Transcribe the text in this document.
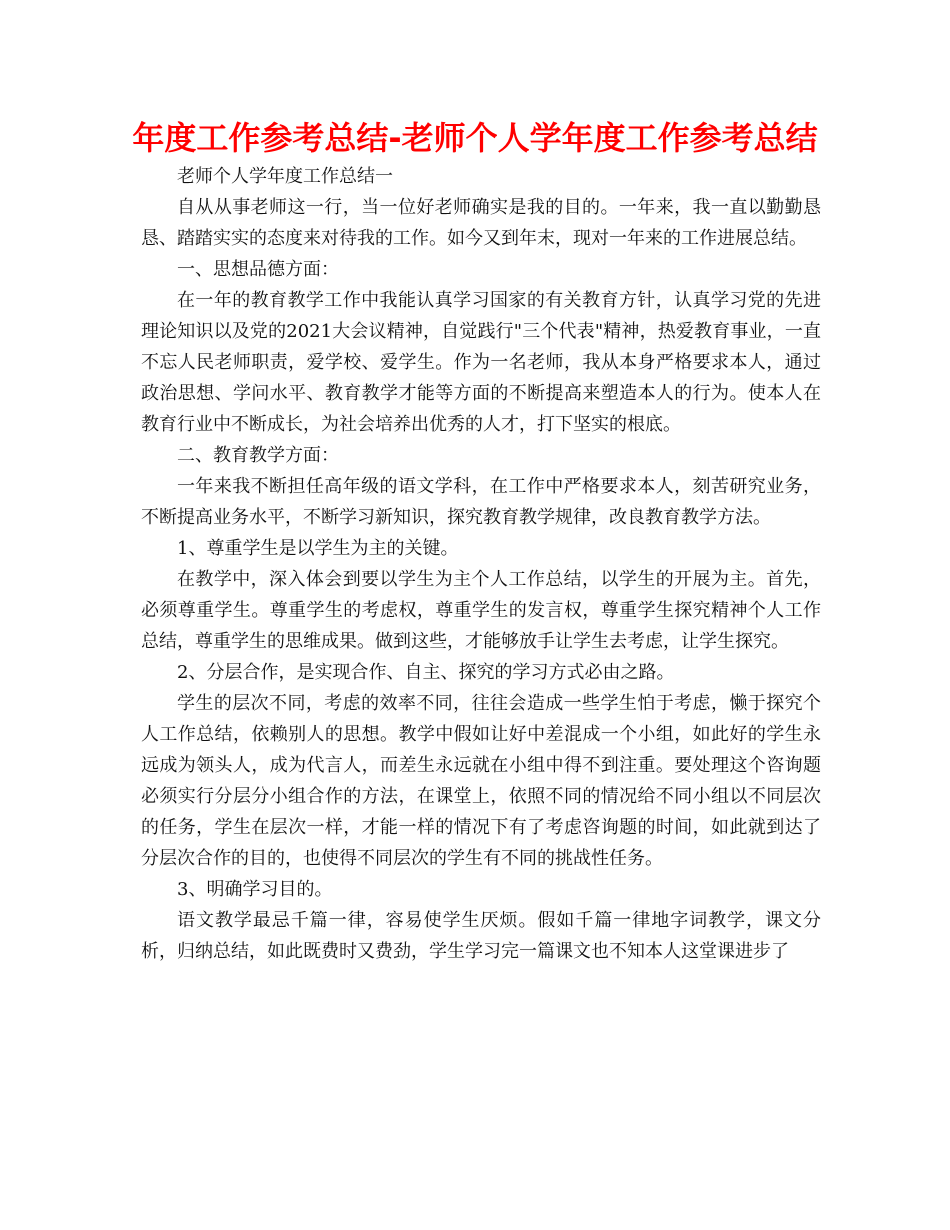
年度工作参考总结-老师个人学年度工作参考总结

老师个人学年度工作总结一

自从从事老师这一行，当一位好老师确实是我的目的。一年来，我一直以勤勤恳恳、踏踏实实的态度来对待我的工作。如今又到年末，现对一年来的工作进展总结。

一、思想品德方面：

在一年的教育教学工作中我能认真学习国家的有关教育方针，认真学习党的先进理论知识以及党的2021大会议精神，自觉践行"三个代表"精神，热爱教育事业，一直不忘人民老师职责，爱学校、爱学生。作为一名老师，我从本身严格要求本人，通过政治思想、学问水平、教育教学才能等方面的不断提高来塑造本人的行为。使本人在教育行业中不断成长，为社会培养出优秀的人才，打下坚实的根底。

二、教育教学方面：

一年来我不断担任高年级的语文学科，在工作中严格要求本人，刻苦研究业务，不断提高业务水平，不断学习新知识，探究教育教学规律，改良教育教学方法。

1、尊重学生是以学生为主的关键。

在教学中，深入体会到要以学生为主个人工作总结，以学生的开展为主。首先，必须尊重学生。尊重学生的考虑权，尊重学生的发言权，尊重学生探究精神个人工作总结，尊重学生的思维成果。做到这些，才能够放手让学生去考虑，让学生探究。

2、分层合作，是实现合作、自主、探究的学习方式必由之路。

学生的层次不同，考虑的效率不同，往往会造成一些学生怕于考虑，懒于探究个人工作总结，依赖别人的思想。教学中假如让好中差混成一个小组，如此好的学生永远成为领头人，成为代言人，而差生永远就在小组中得不到注重。要处理这个咨询题必须实行分层分小组合作的方法，在课堂上，依照不同的情况给不同小组以不同层次的任务，学生在层次一样，才能一样的情况下有了考虑咨询题的时间，如此就到达了分层次合作的目的，也使得不同层次的学生有不同的挑战性任务。

3、明确学习目的。

语文教学最忌千篇一律，容易使学生厌烦。假如千篇一律地字词教学，课文分析，归纳总结，如此既费时又费劲，学生学习完一篇课文也不知本人这堂课进步了
